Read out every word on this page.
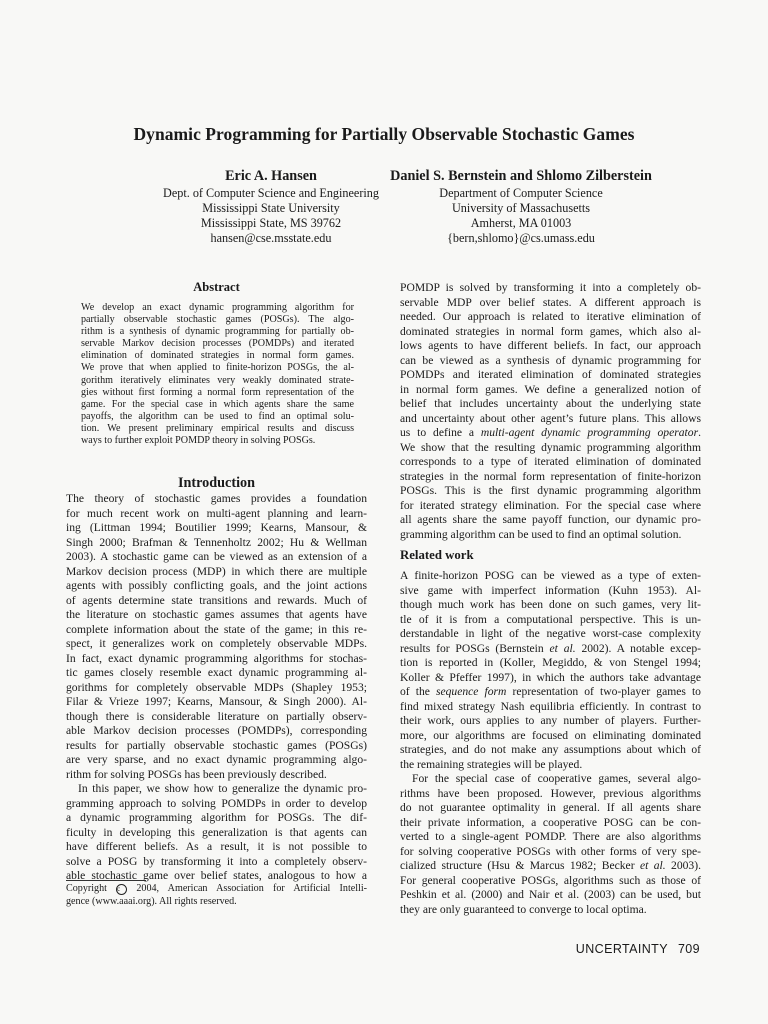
Dynamic Programming for Partially Observable Stochastic Games
Eric A. Hansen
Dept. of Computer Science and Engineering
Mississippi State University
Mississippi State, MS 39762
hansen@cse.msstate.edu
Daniel S. Bernstein and Shlomo Zilberstein
Department of Computer Science
University of Massachusetts
Amherst, MA 01003
{bern,shlomo}@cs.umass.edu
Abstract
We develop an exact dynamic programming algorithm for
partially observable stochastic games (POSGs). The algo-
rithm is a synthesis of dynamic programming for partially ob-
servable Markov decision processes (POMDPs) and iterated
elimination of dominated strategies in normal form games.
We prove that when applied to finite-horizon POSGs, the al-
gorithm iteratively eliminates very weakly dominated strate-
gies without first forming a normal form representation of the
game. For the special case in which agents share the same
payoffs, the algorithm can be used to find an optimal solu-
tion. We present preliminary empirical results and discuss
ways to further exploit POMDP theory in solving POSGs.
Introduction
The theory of stochastic games provides a foundation
for much recent work on multi-agent planning and learn-
ing (Littman 1994; Boutilier 1999; Kearns, Mansour, &
Singh 2000; Brafman & Tennenholtz 2002; Hu & Wellman
2003). A stochastic game can be viewed as an extension of a
Markov decision process (MDP) in which there are multiple
agents with possibly conflicting goals, and the joint actions
of agents determine state transitions and rewards. Much of
the literature on stochastic games assumes that agents have
complete information about the state of the game; in this re-
spect, it generalizes work on completely observable MDPs.
In fact, exact dynamic programming algorithms for stochas-
tic games closely resemble exact dynamic programming al-
gorithms for completely observable MDPs (Shapley 1953;
Filar & Vrieze 1997; Kearns, Mansour, & Singh 2000). Al-
though there is considerable literature on partially observ-
able Markov decision processes (POMDPs), corresponding
results for partially observable stochastic games (POSGs)
are very sparse, and no exact dynamic programming algo-
rithm for solving POSGs has been previously described.
In this paper, we show how to generalize the dynamic pro-
gramming approach to solving POMDPs in order to develop
a dynamic programming algorithm for POSGs. The dif-
ficulty in developing this generalization is that agents can
have different beliefs. As a result, it is not possible to
solve a POSG by transforming it into a completely observ-
able stochastic game over belief states, analogous to how a
Copyright c 2004, American Association for Artificial Intelli-
gence (www.aaai.org). All rights reserved.
POMDP is solved by transforming it into a completely ob-
servable MDP over belief states. A different approach is
needed. Our approach is related to iterative elimination of
dominated strategies in normal form games, which also al-
lows agents to have different beliefs. In fact, our approach
can be viewed as a synthesis of dynamic programming for
POMDPs and iterated elimination of dominated strategies
in normal form games. We define a generalized notion of
belief that includes uncertainty about the underlying state
and uncertainty about other agent’s future plans. This allows
us to define a multi-agent dynamic programming operator.
We show that the resulting dynamic programming algorithm
corresponds to a type of iterated elimination of dominated
strategies in the normal form representation of finite-horizon
POSGs. This is the first dynamic programming algorithm
for iterated strategy elimination. For the special case where
all agents share the same payoff function, our dynamic pro-
gramming algorithm can be used to find an optimal solution.
Related work
A finite-horizon POSG can be viewed as a type of exten-
sive game with imperfect information (Kuhn 1953). Al-
though much work has been done on such games, very lit-
tle of it is from a computational perspective. This is un-
derstandable in light of the negative worst-case complexity
results for POSGs (Bernstein et al. 2002). A notable excep-
tion is reported in (Koller, Megiddo, & von Stengel 1994;
Koller & Pfeffer 1997), in which the authors take advantage
of the sequence form representation of two-player games to
find mixed strategy Nash equilibria efficiently. In contrast to
their work, ours applies to any number of players. Further-
more, our algorithms are focused on eliminating dominated
strategies, and do not make any assumptions about which of
the remaining strategies will be played.
For the special case of cooperative games, several algo-
rithms have been proposed. However, previous algorithms
do not guarantee optimality in general. If all agents share
their private information, a cooperative POSG can be con-
verted to a single-agent POMDP. There are also algorithms
for solving cooperative POSGs with other forms of very spe-
cialized structure (Hsu & Marcus 1982; Becker et al. 2003).
For general cooperative POSGs, algorithms such as those of
Peshkin et al. (2000) and Nair et al. (2003) can be used, but
they are only guaranteed to converge to local optima.
UNCERTAINTY 709
